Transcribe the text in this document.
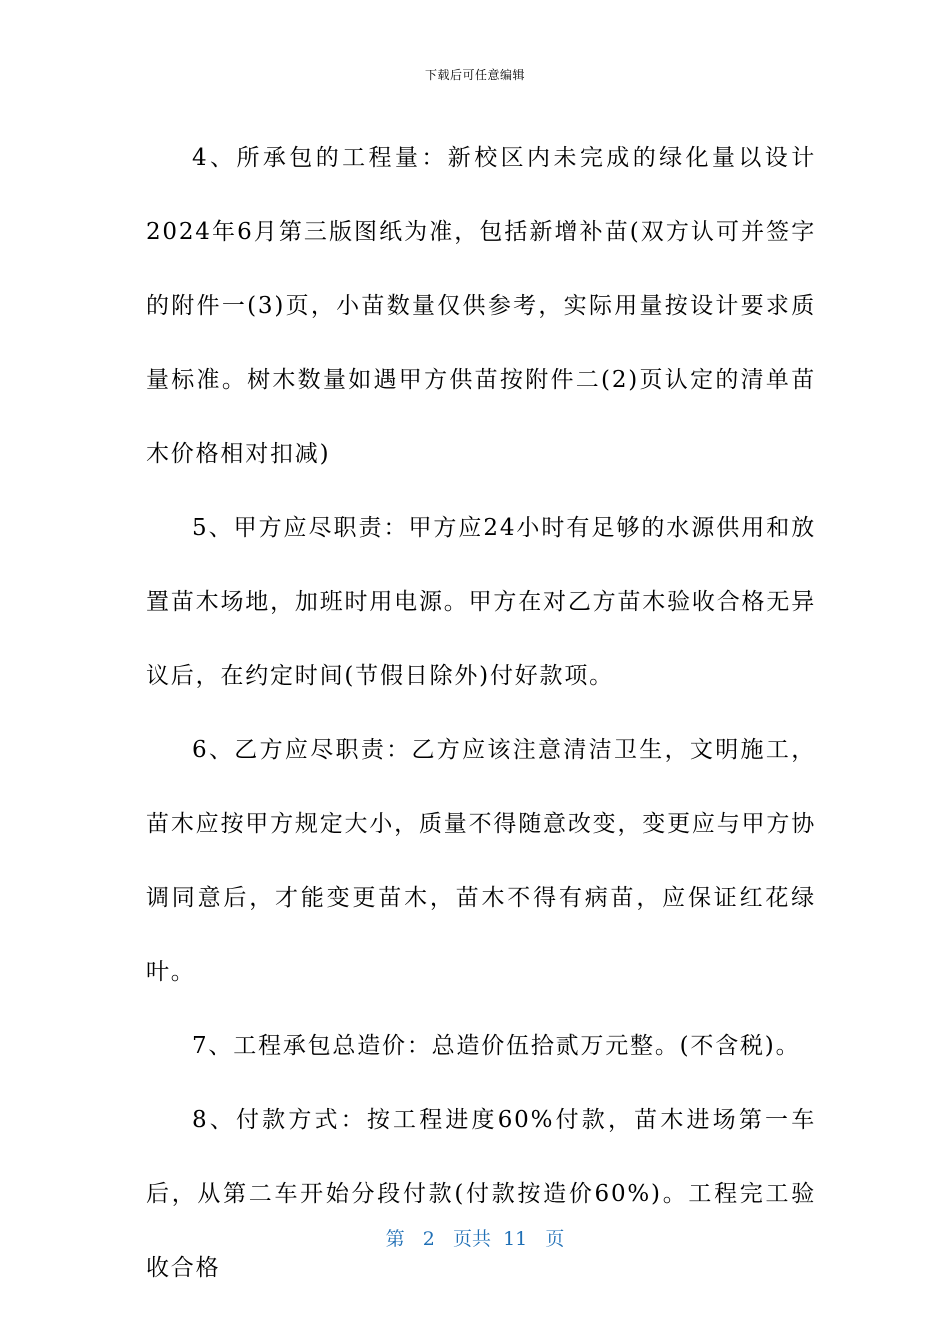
下载后可任意编辑

4、所承包的工程量：新校区内未完成的绿化量以设计2024年6月第三版图纸为准，包括新增补苗(双方认可并签字的附件一(3)页，小苗数量仅供参考，实际用量按设计要求质量标准。树木数量如遇甲方供苗按附件二(2)页认定的清单苗木价格相对扣减)

5、甲方应尽职责：甲方应24小时有足够的水源供用和放置苗木场地，加班时用电源。甲方在对乙方苗木验收合格无异议后，在约定时间(节假日除外)付好款项。

6、乙方应尽职责：乙方应该注意清洁卫生，文明施工，苗木应按甲方规定大小，质量不得随意改变，变更应与甲方协调同意后，才能变更苗木，苗木不得有病苗，应保证红花绿叶。

7、工程承包总造价：总造价伍拾贰万元整。(不含税)。

8、付款方式：按工程进度60%付款，苗木进场第一车后，从第二车开始分段付款(付款按造价60%)。工程完工验收合格

第 2 页共 11 页
